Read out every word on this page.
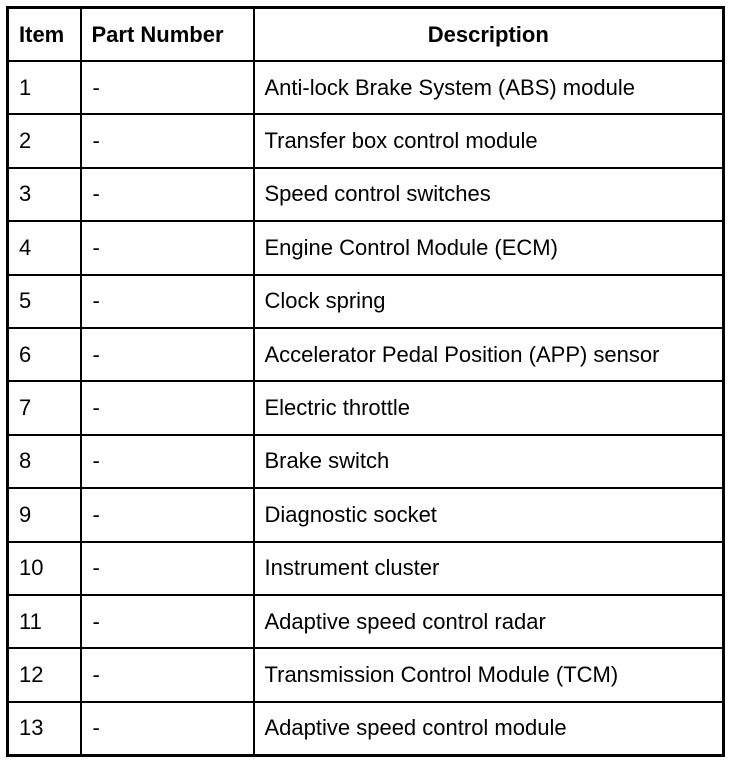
Item	Part Number	Description
1	-	Anti-lock Brake System (ABS) module
2	-	Transfer box control module
3	-	Speed control switches
4	-	Engine Control Module (ECM)
5	-	Clock spring
6	-	Accelerator Pedal Position (APP) sensor
7	-	Electric throttle
8	-	Brake switch
9	-	Diagnostic socket
10	-	Instrument cluster
11	-	Adaptive speed control radar
12	-	Transmission Control Module (TCM)
13	-	Adaptive speed control module
